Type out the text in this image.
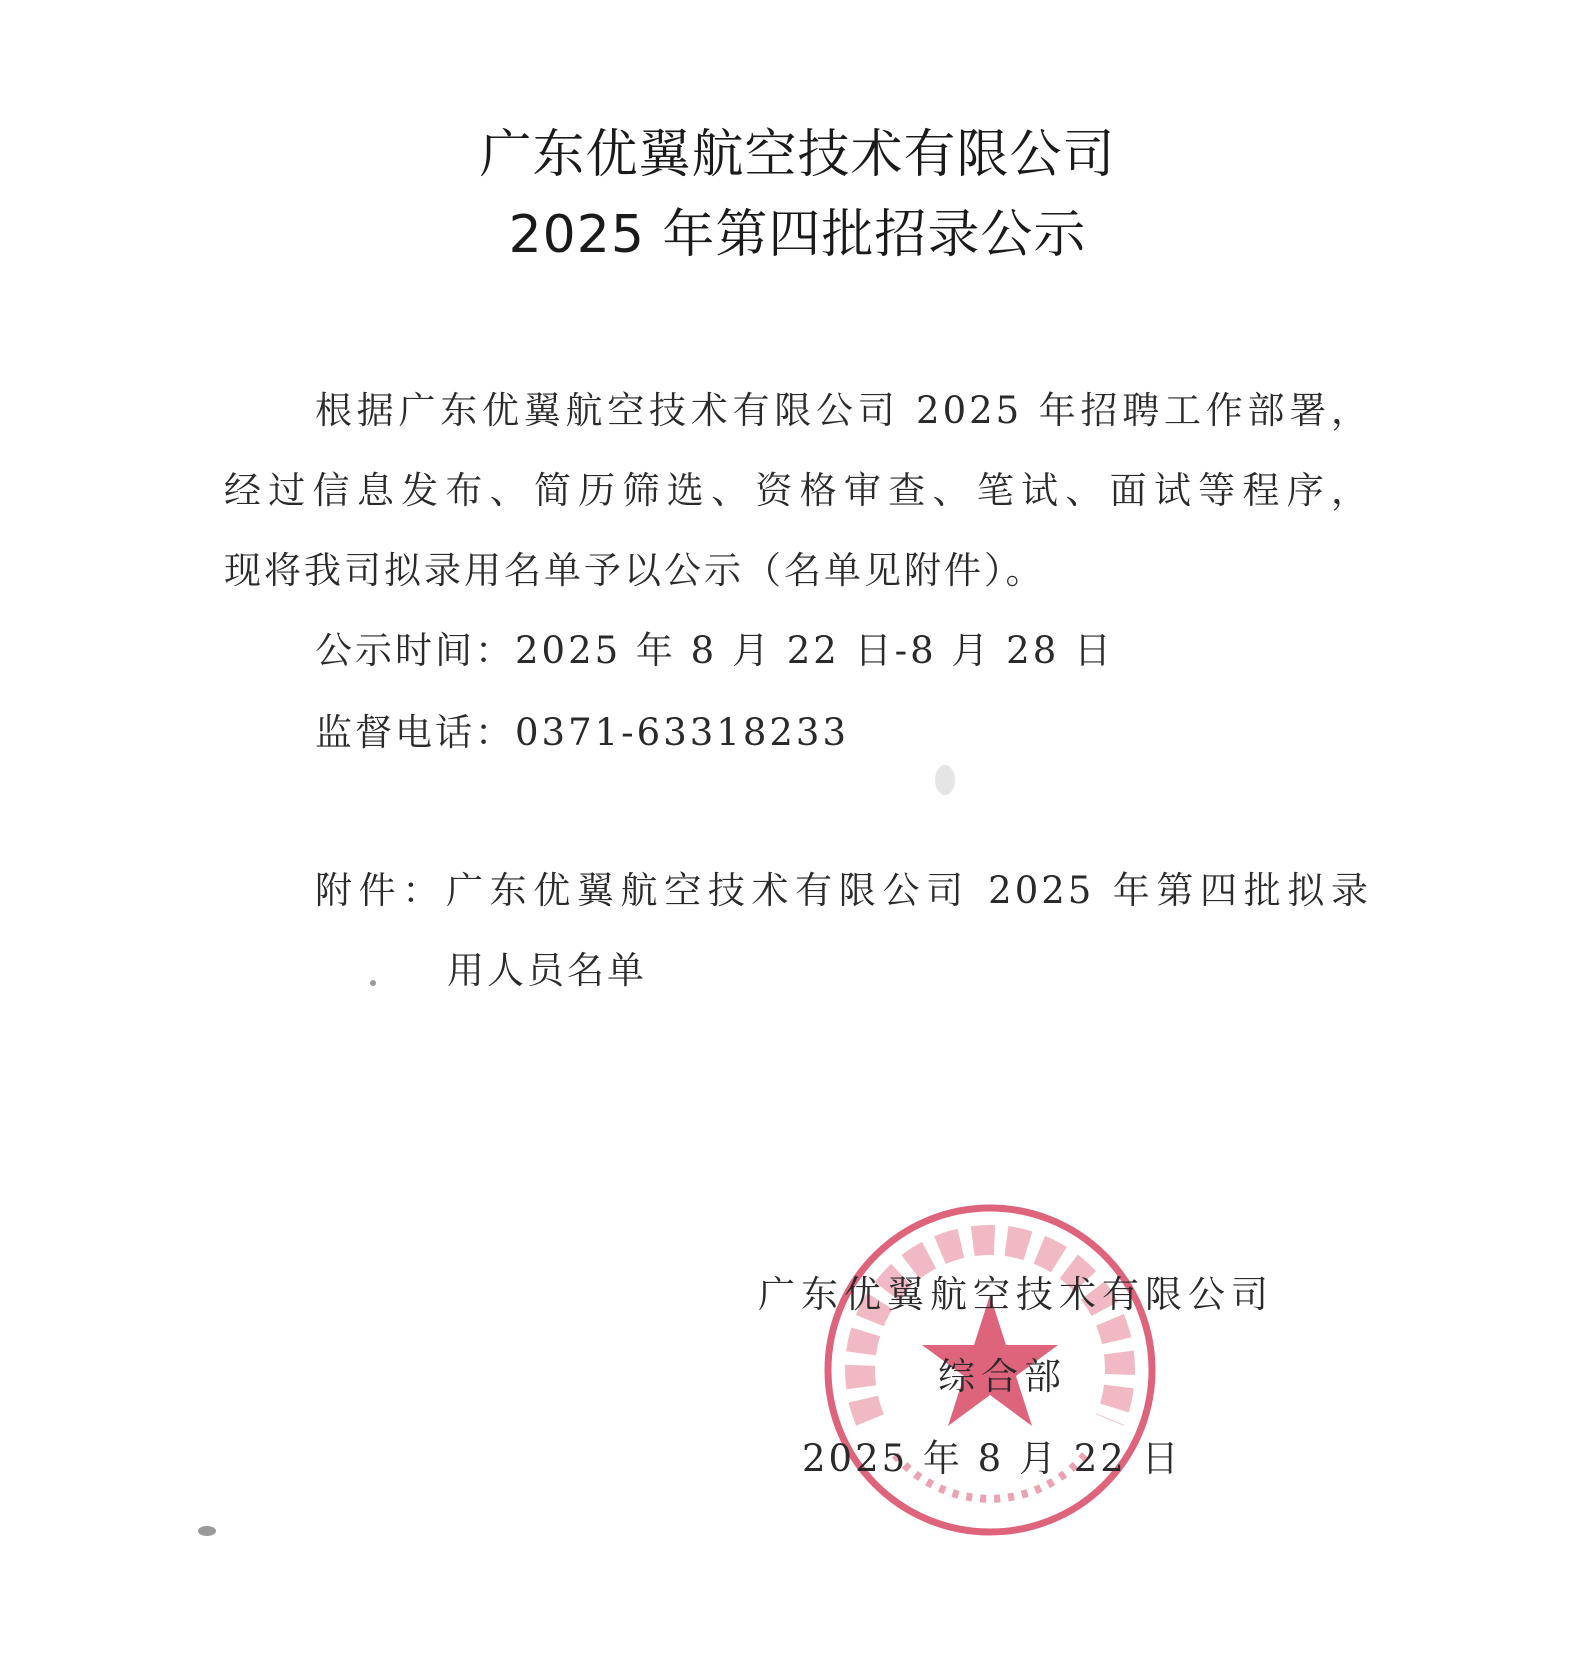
广东优翼航空技术有限公司
2025 年第四批招录公示
根据广东优翼航空技术有限公司 2025 年招聘工作部署，
经过信息发布、简历筛选、资格审查、笔试、面试等程序，
现将我司拟录用名单予以公示（名单见附件）。
公示时间：2025 年 8 月 22 日-8 月 28 日
监督电话：0371-63318233
附件：广东优翼航空技术有限公司 2025 年第四批拟录
用人员名单
广东优翼航空技术有限公司
综合部
2025 年 8 月 22 日
